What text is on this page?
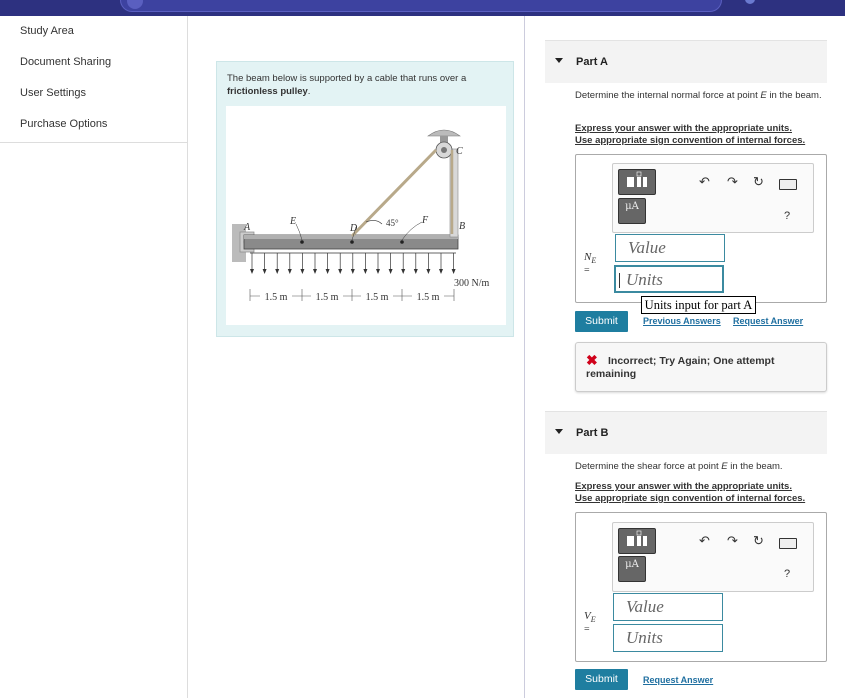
Study Area
Document Sharing
User Settings
Purchase Options
The beam below is supported by a cable that runs over a frictionless pulley.
A
E
D
F
B
C
45°
300 N/m
1.5 m	1.5 m	1.5 m	1.5 m
Part A
Determine the internal normal force at point E in the beam.
Express your answer with the appropriate units.
Use appropriate sign convention of internal forces.
μA
↶ ↷ ↻
?
$N_E$
=
Value
Units
Units input for part A
Submit	Previous Answers Request Answer
✖ Incorrect; Try Again; One attempt remaining
Part B
Determine the shear force at point E in the beam.
Express your answer with the appropriate units.
Use appropriate sign convention of internal forces.
μA
↶ ↷ ↻
?
$V_E$
=
Value
Units
Submit	Request Answer
